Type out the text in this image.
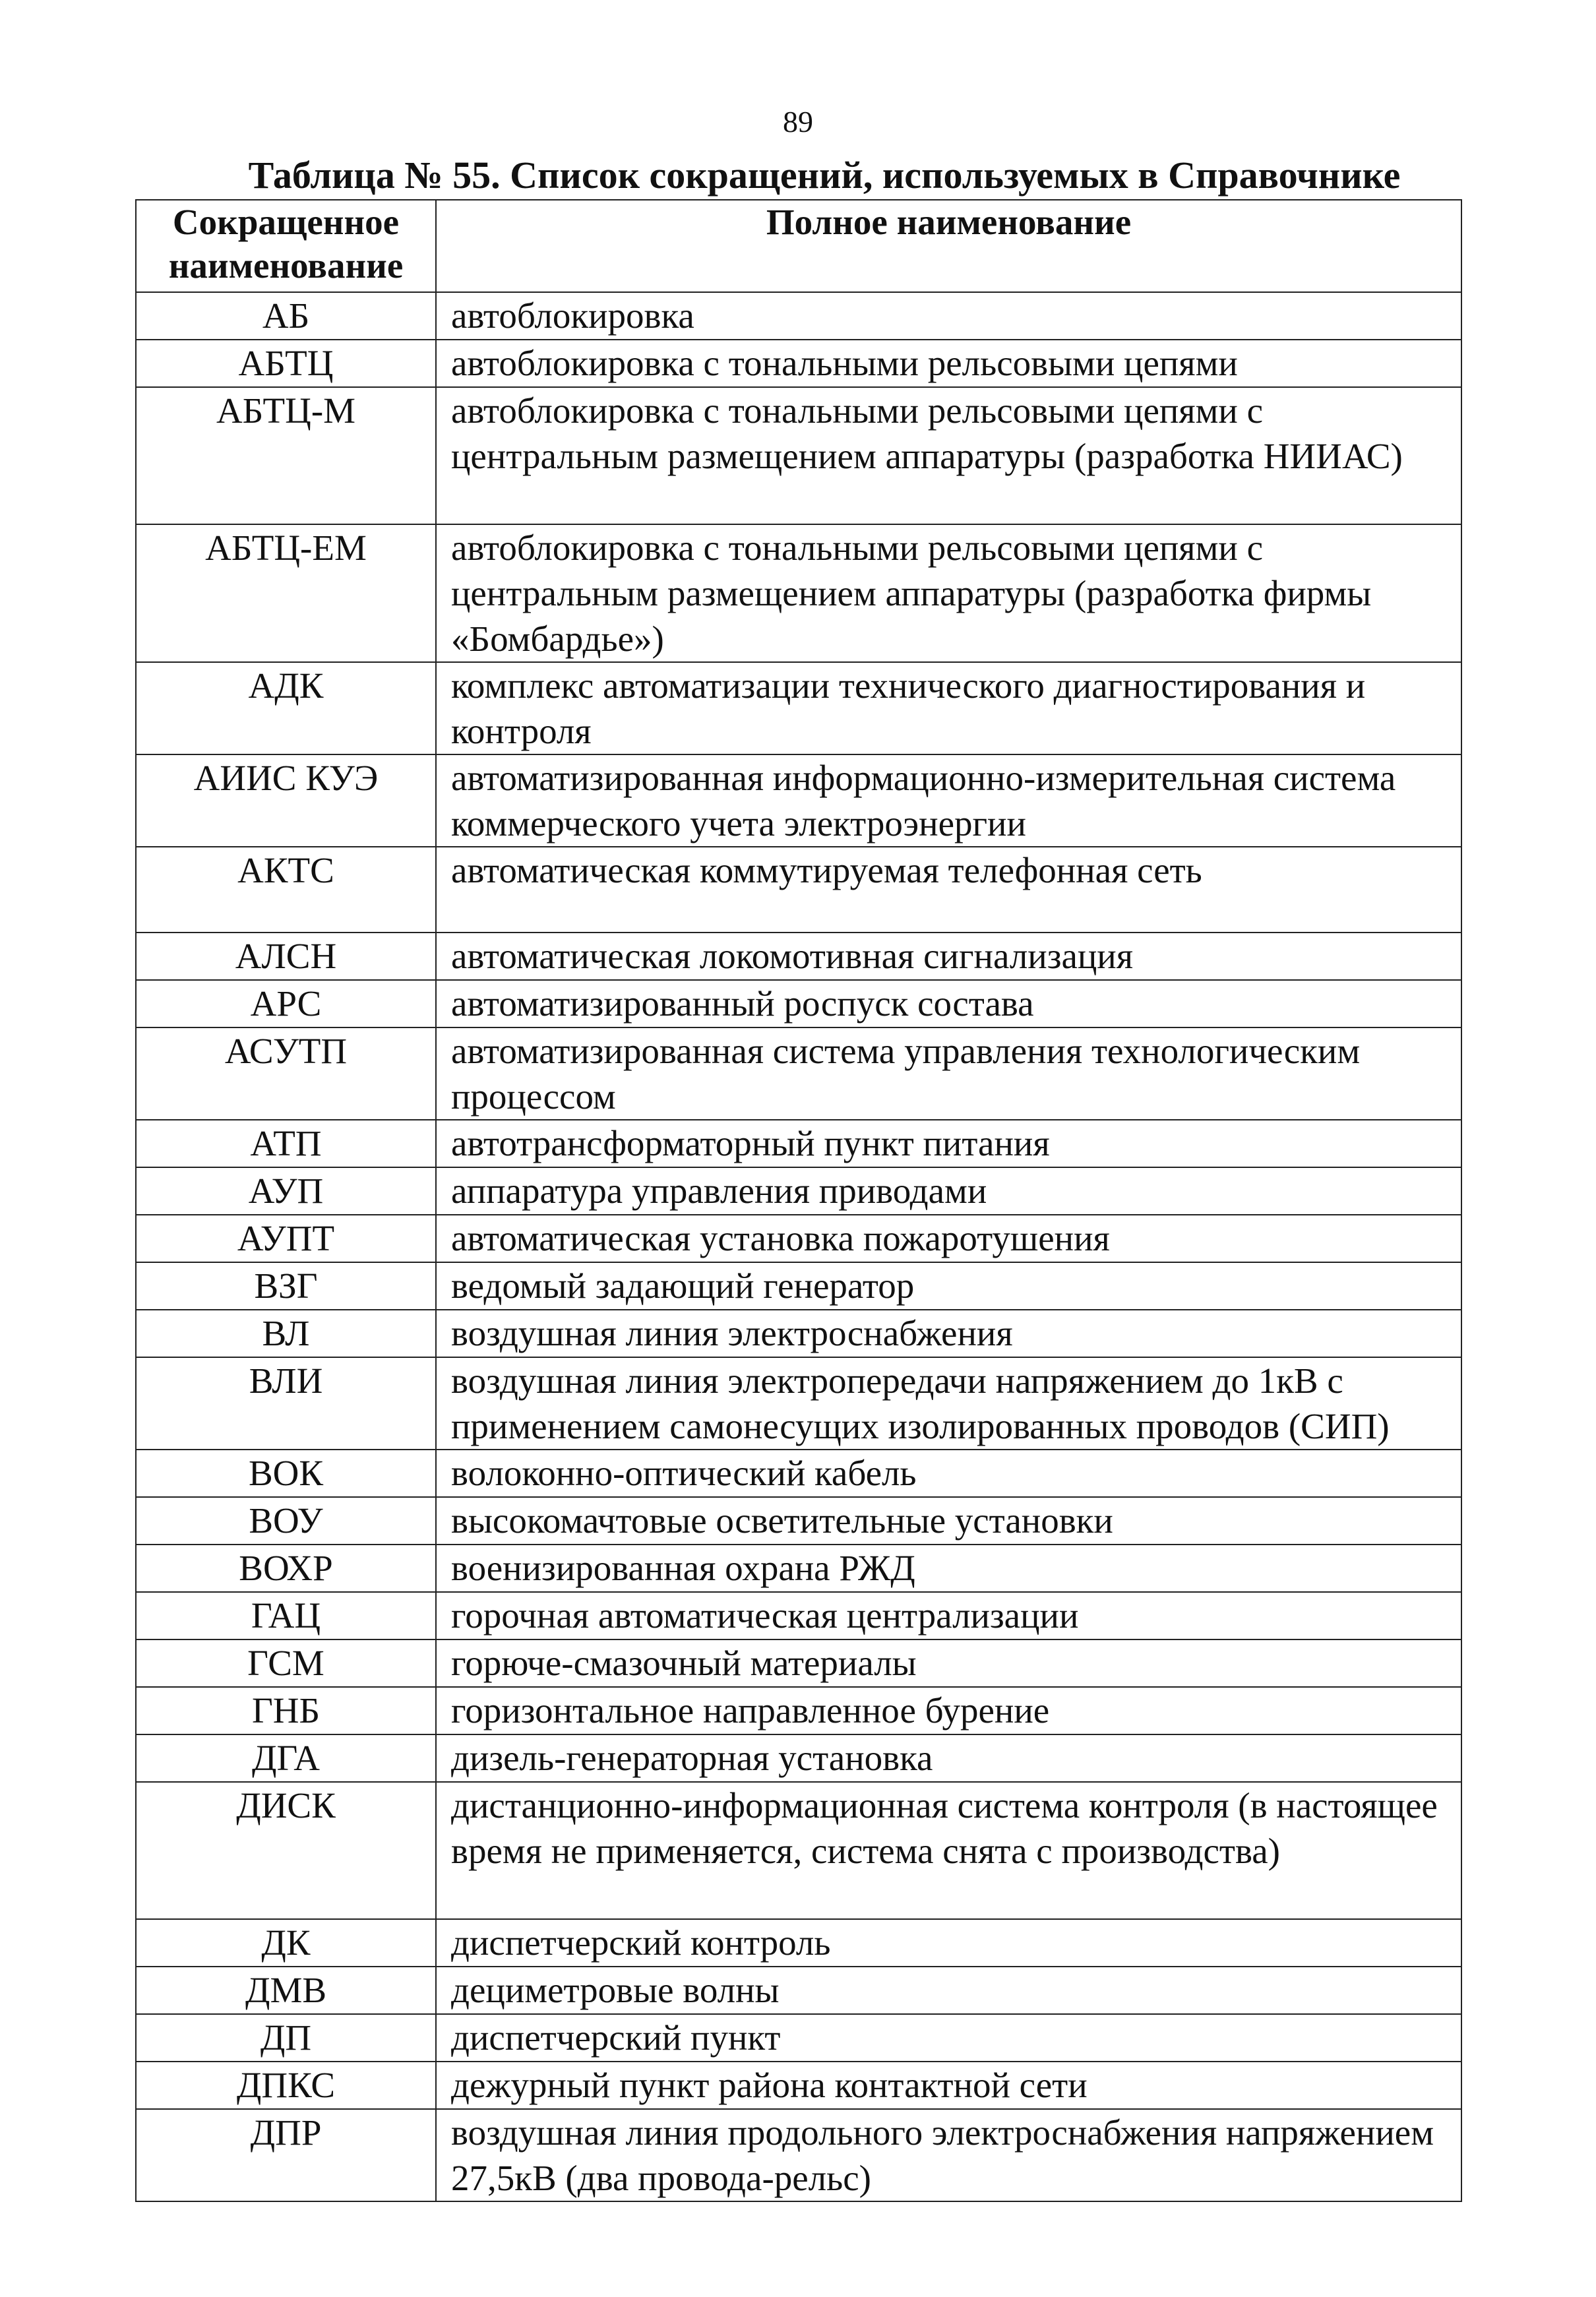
89
Таблица № 55. Список сокращений, используемых в Справочнике
Сокращенное наименование	Полное наименование
АБ	автоблокировка
АБТЦ	автоблокировка с тональными рельсовыми цепями
АБТЦ-М	автоблокировка с тональными рельсовыми цепями с центральным размещением аппаратуры (разработка НИИАС)
АБТЦ-ЕМ	автоблокировка с тональными рельсовыми цепями с центральным размещением аппаратуры (разработка фирмы «Бомбардье»)
АДК	комплекс автоматизации технического диагностирования и контроля
АИИС КУЭ	автоматизированная информационно-измерительная система коммерческого учета электроэнергии
АКТС	автоматическая коммутируемая телефонная сеть
АЛСН	автоматическая локомотивная сигнализация
АРС	автоматизированный роспуск состава
АСУТП	автоматизированная система управления технологическим процессом
АТП	автотрансформаторный пункт питания
АУП	аппаратура управления приводами
АУПТ	автоматическая установка пожаротушения
ВЗГ	ведомый задающий генератор
ВЛ	воздушная линия электроснабжения
ВЛИ	воздушная линия электропередачи напряжением до 1кВ с применением самонесущих изолированных проводов (СИП)
ВОК	волоконно-оптический кабель
ВОУ	высокомачтовые осветительные установки
ВОХР	военизированная охрана РЖД
ГАЦ	горочная автоматическая централизации
ГСМ	горюче-смазочный материалы
ГНБ	горизонтальное направленное бурение
ДГА	дизель-генераторная установка
ДИСК	дистанционно-информационная система контроля (в настоящее время не применяется, система снята с производства)
ДК	диспетчерский контроль
ДМВ	дециметровые волны
ДП	диспетчерский пункт
ДПКС	дежурный пункт района контактной сети
ДПР	воздушная линия продольного электроснабжения напряжением 27,5кВ (два провода-рельс)
